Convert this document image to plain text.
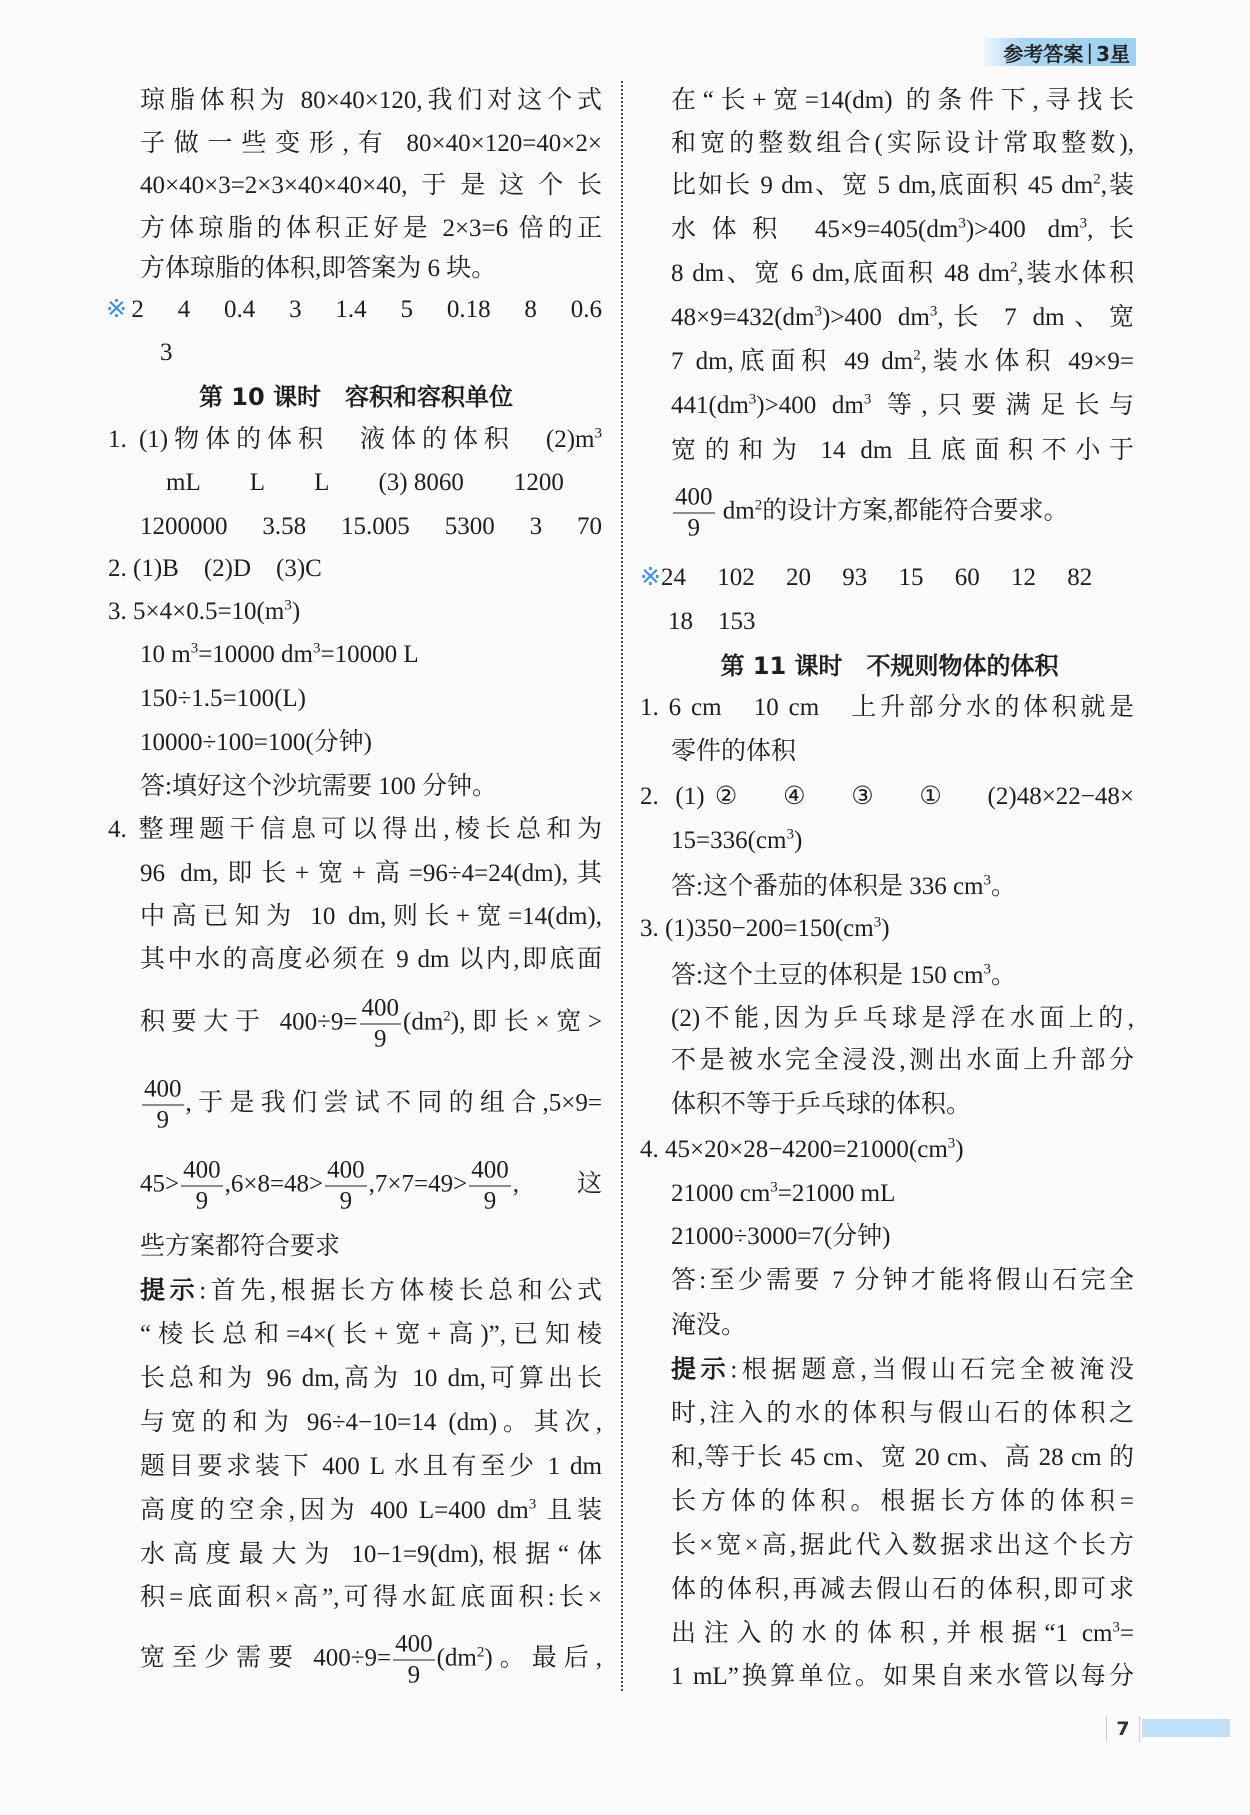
参考答案 | 3星
琼脂体积为 80×40×120,我们对这个式
子做一些变形,有 80×40×120=40×2×
40×40×3=2×3×40×40×40,于是这个长
方体琼脂的体积正好是 2×3=6 倍的正
方体琼脂的体积,即答案为 6 块。
※2　4　0.4　3　1.4　5　0.18　8　0.6
3
第 10 课时　容积和容积单位
1. (1)物体的体积　液体的体积　$(2)m^3$
mL　　L　　L　　(3) 8060　　1200
1200000　3.58　15.005　5300　3　70
2. (1)B　(2)D　(3)C
3. $5\times 4\times 0.5=10(m^3)$
10 $m^3=10000$ $dm^3=10000$ L
150÷1.5=100(L)
10000÷100=100(分钟)
答:填好这个沙坑需要 100 分钟。
4. 整理题干信息可以得出,棱长总和为
96 dm,即长+宽+高=96÷4=24(dm),其
中高已知为 10 dm,则长+宽=14(dm),
其中水的高度必须在 9 dm 以内,即底面
积要大于 $400\div 9= \frac{400}{9} (dm^2)$,即长×宽>
$\frac{400}{9}$ ,于是我们尝试不同的组合,5×9=
$45> \frac{400}{9} ,6\times 8=48> \frac{400}{9} ,7\times 7=49> \frac{400}{9}$ ,这
些方案都符合要求
提示:首先,根据长方体棱长总和公式
“棱长总和=4×(长+宽+高)”,已知棱
长总和为 96 dm,高为 10 dm,可算出长
与宽的和为 96÷4−10=14 (dm)。其次,
题目要求装下 400 L 水且有至少 1 dm
高度的空余,因为 400 L=400 $dm^3$ 且装
水高度最大为 10−1=9(dm),根据“体
积=底面积×高”,可得水缸底面积:长×
宽至少需要 $400\div 9= \frac{400}{9} (dm^2)$。最后,
在“长+宽=14(dm) 的条件下,寻找长
和宽的整数组合(实际设计常取整数),
比如长 9 dm、宽 5 dm,底面积 45 $dm^2$,装
水体积 $45\times 9=405(dm^3)>400$ $dm^3$,长
8 dm、宽 6 dm,底面积 48 $dm^2$,装水体积
$48\times 9=432(dm^3)>400$ $dm^3$,长 7 dm、宽
7 dm,底面积 49 $dm^2$,装水体积 49×9=
$441(dm^3)>400$ $dm^3$ 等,只要满足长与
宽的和为 14 dm 且底面积不小于
$\frac{400}{9} dm^2$的设计方案,都能符合要求。
※24　 102　 20　 93　 15　 60　 12　 82
18　153
第 11 课时　不规则物体的体积
1. 6 cm　10 cm　上升部分水的体积就是
零件的体积
2. (1)②　④　③　①　(2)48×22−48×
$15=336(cm^3)$
答:这个番茄的体积是 336 $cm^3$。
3. $(1)350-200=150(cm^3)$
答:这个土豆的体积是 150 $cm^3$。
(2)不能,因为乒乓球是浮在水面上的,
不是被水完全浸没,测出水面上升部分
体积不等于乒乓球的体积。
4. $45\times 20\times 28-4200=21000(cm^3)$
21000 $cm^3=21000$ mL
21000÷3000=7(分钟)
答:至少需要 7 分钟才能将假山石完全
淹没。
提示:根据题意,当假山石完全被淹没
时,注入的水的体积与假山石的体积之
和,等于长 45 cm、宽 20 cm、高 28 cm 的
长方体的体积。根据长方体的体积=
长×宽×高,据此代入数据求出这个长方
体的体积,再减去假山石的体积,即可求
出注入的水的体积,并根据“1 $cm^3=$
1 mL”换算单位。如果自来水管以每分
7
